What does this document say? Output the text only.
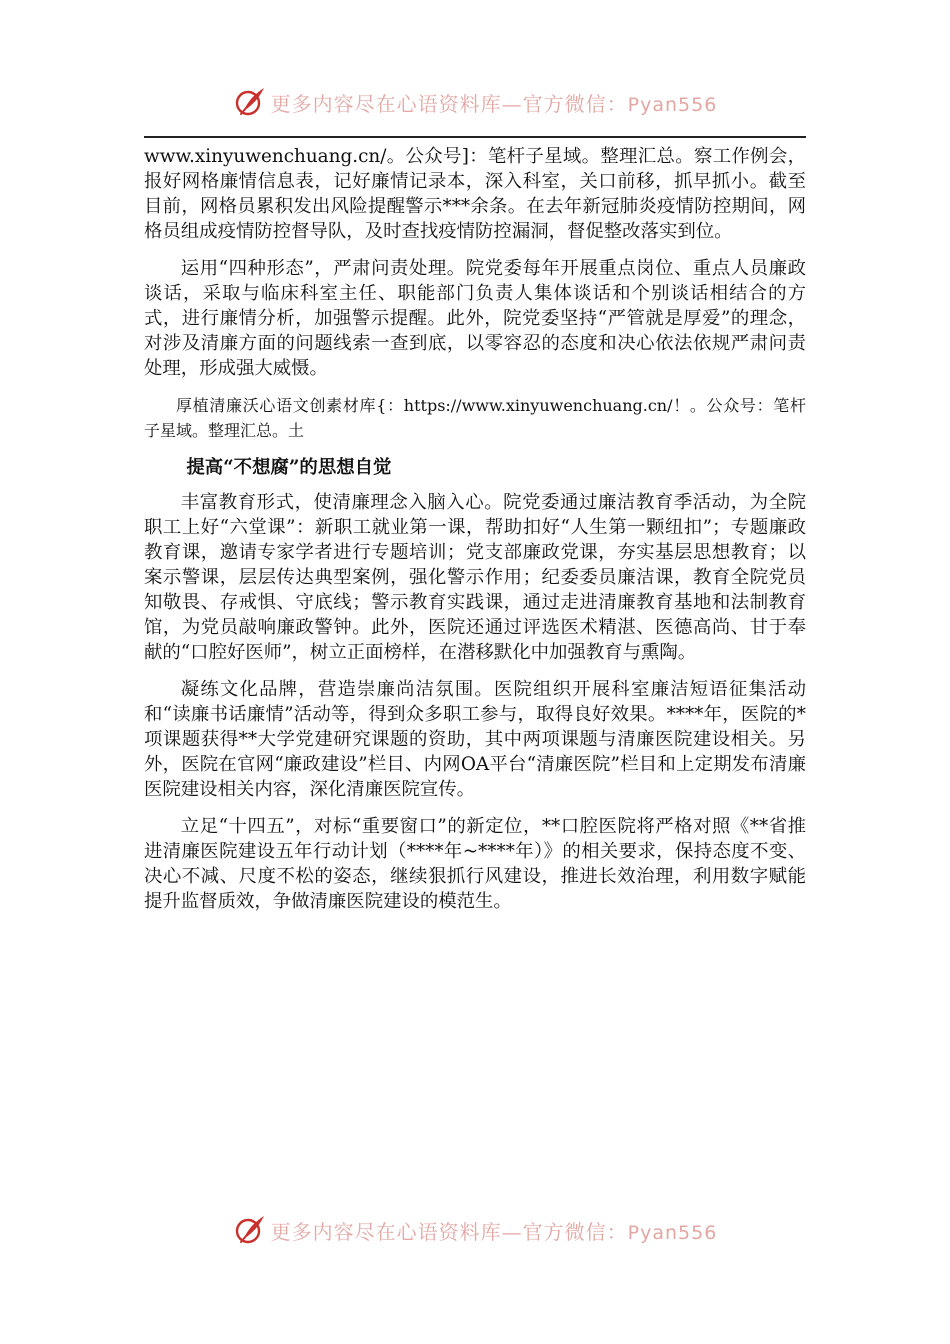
更多内容尽在心语资料库—官方微信：Pyan556

www.xinyuwenchuang.cn/。公众号]：笔杆子星域。整理汇总。察工作例会，报好网格廉情信息表，记好廉情记录本，深入科室，关口前移，抓早抓小。截至目前，网格员累积发出风险提醒警示***余条。在去年新冠肺炎疫情防控期间，网格员组成疫情防控督导队，及时查找疫情防控漏洞，督促整改落实到位。

运用“四种形态”，严肃问责处理。院党委每年开展重点岗位、重点人员廉政谈话，采取与临床科室主任、职能部门负责人集体谈话和个别谈话相结合的方式，进行廉情分析，加强警示提醒。此外，院党委坚持“严管就是厚爱”的理念，对涉及清廉方面的问题线索一查到底，以零容忍的态度和决心依法依规严肃问责处理，形成强大威慑。

厚植清廉沃心语文创素材库{：https://www.xinyuwenchuang.cn/！。公众号：笔杆子星域。整理汇总。土

提高“不想腐”的思想自觉

丰富教育形式，使清廉理念入脑入心。院党委通过廉洁教育季活动，为全院职工上好“六堂课”：新职工就业第一课，帮助扣好“人生第一颗纽扣”；专题廉政教育课，邀请专家学者进行专题培训；党支部廉政党课，夯实基层思想教育；以案示警课，层层传达典型案例，强化警示作用；纪委委员廉洁课，教育全院党员知敬畏、存戒惧、守底线；警示教育实践课，通过走进清廉教育基地和法制教育馆，为党员敲响廉政警钟。此外，医院还通过评选医术精湛、医德高尚、甘于奉献的“口腔好医师”，树立正面榜样，在潜移默化中加强教育与熏陶。

凝练文化品牌，营造崇廉尚洁氛围。医院组织开展科室廉洁短语征集活动和“读廉书话廉情”活动等，得到众多职工参与，取得良好效果。****年，医院的*项课题获得**大学党建研究课题的资助，其中两项课题与清廉医院建设相关。另外，医院在官网“廉政建设”栏目、内网OA平台“清廉医院”栏目和上定期发布清廉医院建设相关内容，深化清廉医院宣传。

立足“十四五”，对标“重要窗口”的新定位，**口腔医院将严格对照《**省推进清廉医院建设五年行动计划（****年~****年）》的相关要求，保持态度不变、决心不减、尺度不松的姿态，继续狠抓行风建设，推进长效治理，利用数字赋能提升监督质效，争做清廉医院建设的模范生。

更多内容尽在心语资料库—官方微信：Pyan556
